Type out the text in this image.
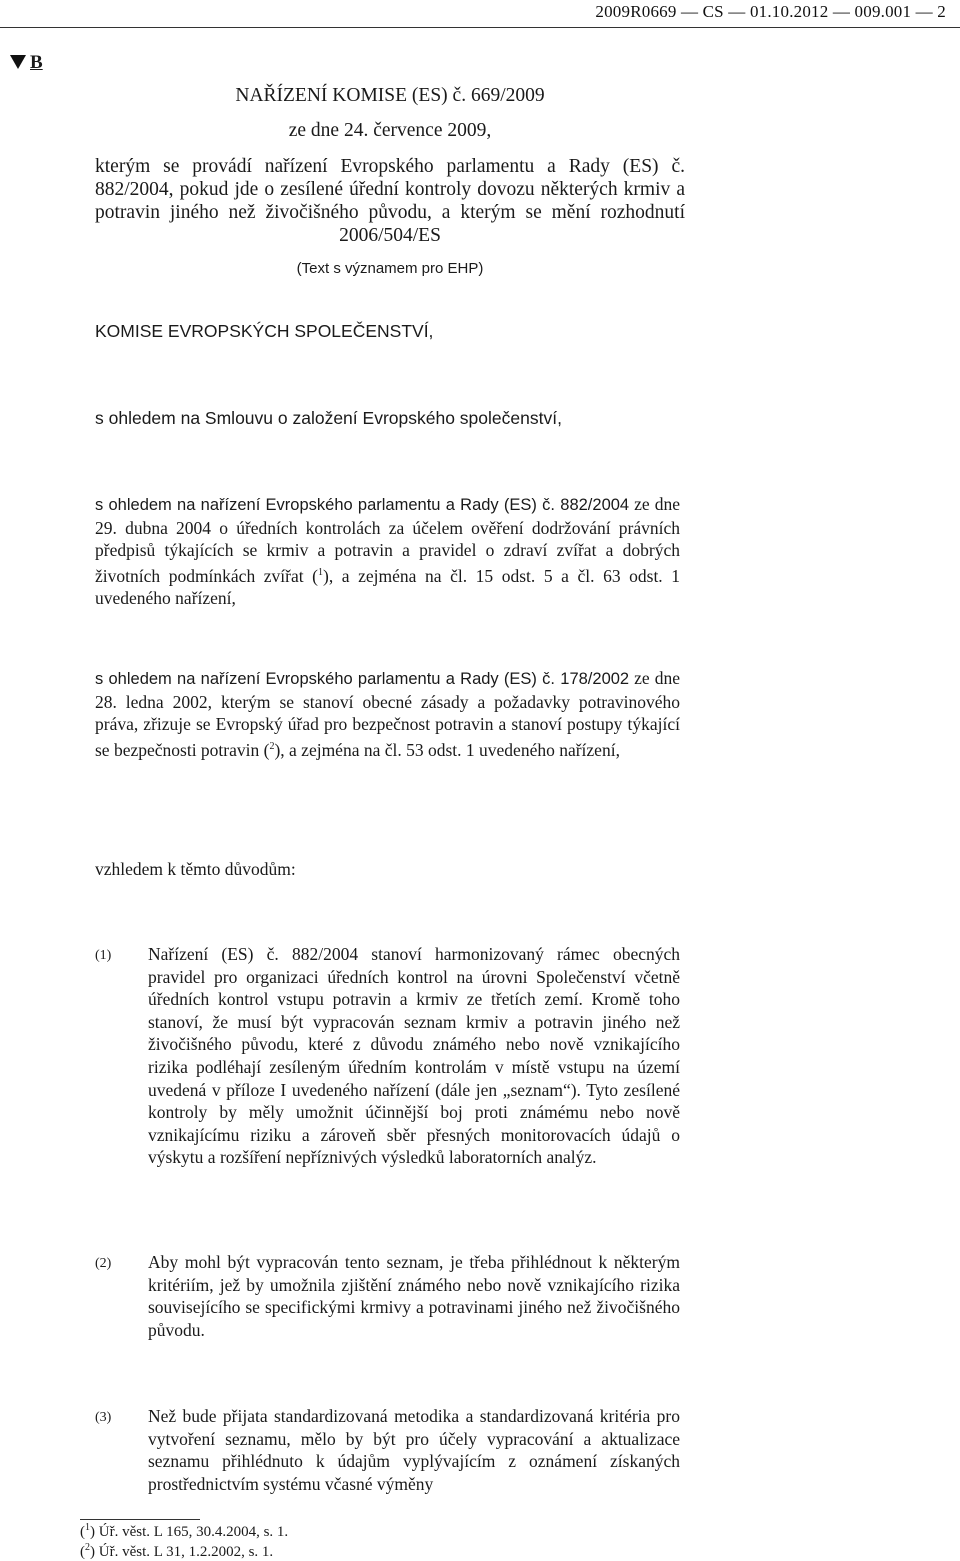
2009R0669 — CS — 01.10.2012 — 009.001 — 2
B
NAŘÍZENÍ KOMISE (ES) č. 669/2009
ze dne 24. července 2009,
kterým se provádí nařízení Evropského parlamentu a Rady (ES) č. 882/2004, pokud jde o zesílené úřední kontroly dovozu některých krmiv a potravin jiného než živočišného původu, a kterým se mění rozhodnutí 2006/504/ES
(Text s významem pro EHP)
KOMISE EVROPSKÝCH SPOLEČENSTVÍ,
s ohledem na Smlouvu o založení Evropského společenství,
s ohledem na nařízení Evropského parlamentu a Rady (ES) č. 882/2004 ze dne 29. dubna 2004 o úředních kontrolách za účelem ověření dodržování právních předpisů týkajících se krmiv a potravin a pravidel o zdraví zvířat a dobrých životních podmínkách zvířat ($^1$), a zejména na čl. 15 odst. 5 a čl. 63 odst. 1 uvedeného nařízení,
s ohledem na nařízení Evropského parlamentu a Rady (ES) č. 178/2002 ze dne 28. ledna 2002, kterým se stanoví obecné zásady a požadavky potravinového práva, zřizuje se Evropský úřad pro bezpečnost potravin a stanoví postupy týkající se bezpečnosti potravin ($^2$), a zejména na čl. 53 odst. 1 uvedeného nařízení,
vzhledem k těmto důvodům:
(1) Nařízení (ES) č. 882/2004 stanoví harmonizovaný rámec obecných pravidel pro organizaci úředních kontrol na úrovni Společenství včetně úředních kontrol vstupu potravin a krmiv ze třetích zemí. Kromě toho stanoví, že musí být vypracován seznam krmiv a potravin jiného než živočišného původu, které z důvodu známého nebo nově vznikajícího rizika podléhají zesíleným úředním kontrolám v místě vstupu na území uvedená v příloze I uvedeného nařízení (dále jen „seznam“). Tyto zesílené kontroly by měly umožnit účinnější boj proti známému nebo nově vznikajícímu riziku a zároveň sběr přesných monitorovacích údajů o výskytu a rozšíření nepříznivých výsledků laboratorních analýz.
(2) Aby mohl být vypracován tento seznam, je třeba přihlédnout k některým kritériím, jež by umožnila zjištění známého nebo nově vznikajícího rizika souvisejícího se specifickými krmivy a potravinami jiného než živočišného původu.
(3) Než bude přijata standardizovaná metodika a standardizovaná kritéria pro vytvoření seznamu, mělo by být pro účely vypracování a aktualizace seznamu přihlédnuto k údajům vyplývajícím z oznámení získaných prostřednictvím systému včasné výměny
($^1$) Úř. věst. L 165, 30.4.2004, s. 1.
($^2$) Úř. věst. L 31, 1.2.2002, s. 1.
